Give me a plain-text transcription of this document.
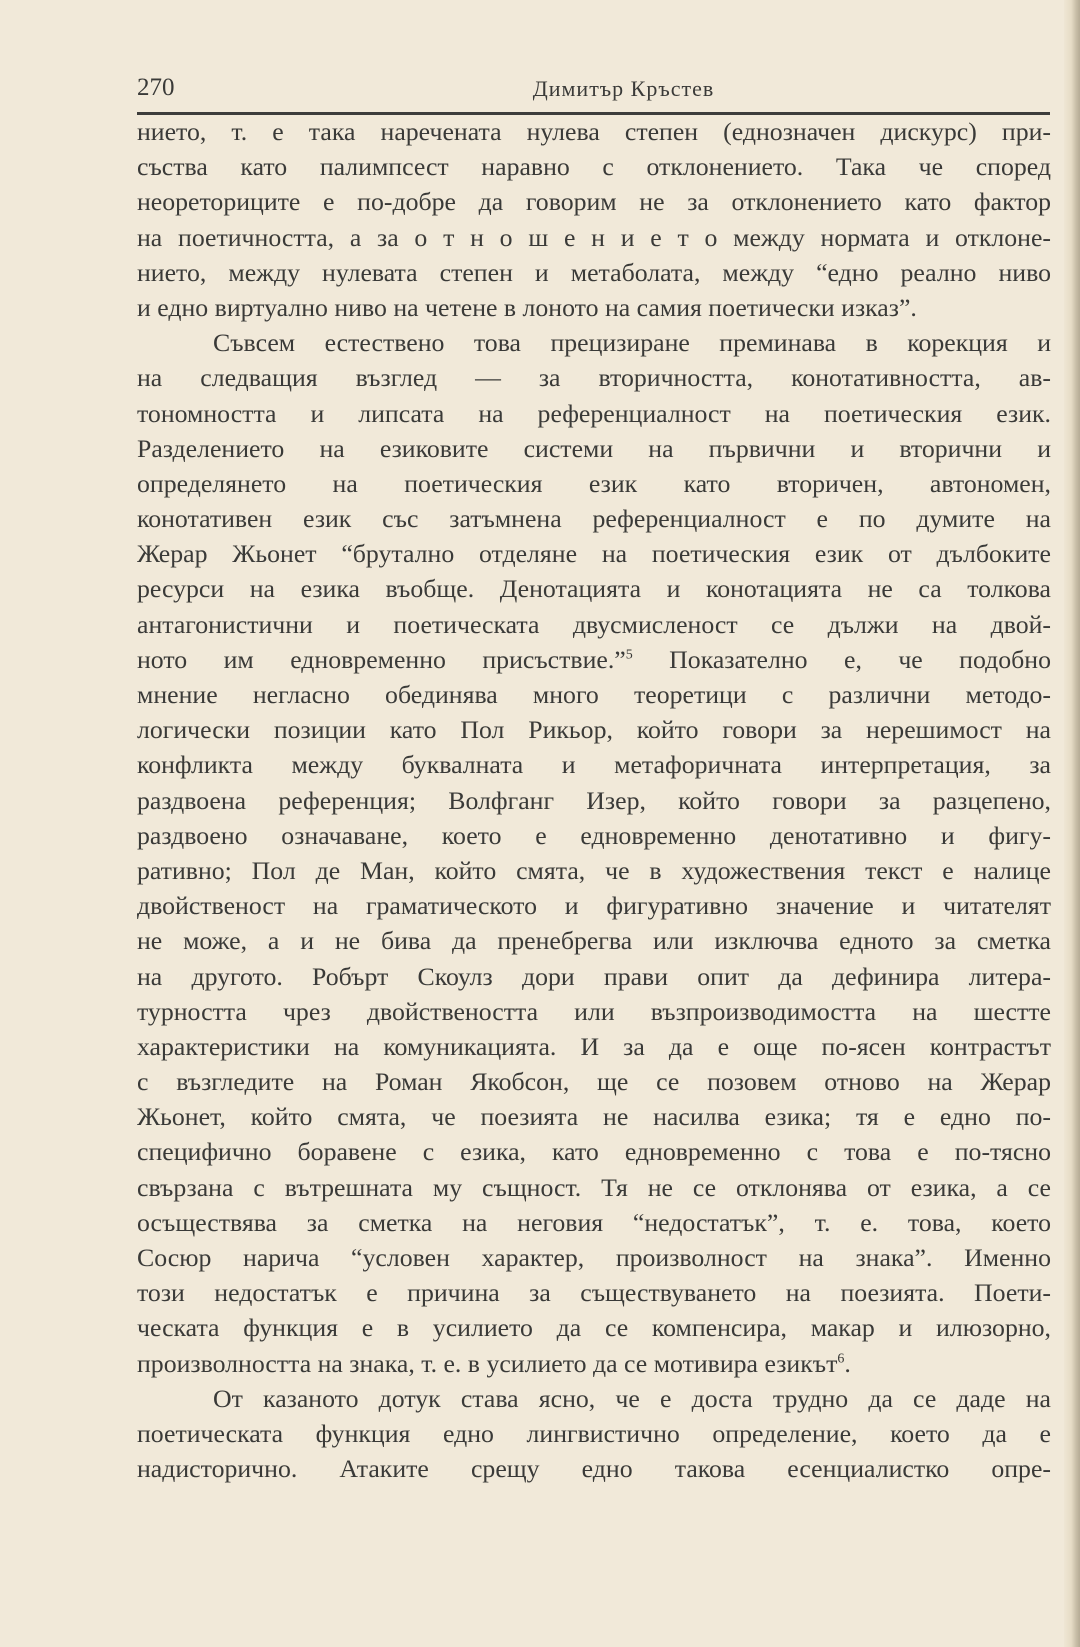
270	Димитър Кръстев
нието, т. е така наречената нулева степен (еднозначен дискурс) при-
съства като палимпсест наравно с отклонението. Така че според
неореториците е по-добре да говорим не за отклонението като фактор
на поетичността, а за о т н о ш е н и е т о между нормата и отклоне-
нието, между нулевата степен и метаболата, между “едно реално ниво
и едно виртуално ниво на четене в лоното на самия поетически изказ”.
Съвсем естествено това прецизиране преминава в корекция и
на следващия възглед — за вторичността, конотативността, ав-
тономността и липсата на референциалност на поетическия език.
Разделението на езиковите системи на първични и вторични и
определянето на поетическия език като вторичен, автономен,
конотативен език със затъмнена референциалност е по думите на
Жерар Жьонет “брутално отделяне на поетическия език от дълбоките
ресурси на езика въобще. Денотацията и конотацията не са толкова
антагонистични и поетическата двусмисленост се дължи на двой-
ното им едновременно присъствие.”$^5$ Показателно е, че подобно
мнение негласно обединява много теоретици с различни методо-
логически позиции като Пол Рикьор, който говори за нерешимост на
конфликта между буквалната и метафоричната интерпретация, за
раздвоена референция; Волфганг Изер, който говори за разцепено,
раздвоено означаване, което е едновременно денотативно и фигу-
ративно; Пол де Ман, който смята, че в художествения текст е налице
двойственост на граматическото и фигуративно значение и читателят
не може, а и не бива да пренебрегва или изключва едното за сметка
на другото. Робърт Скоулз дори прави опит да дефинира литера-
турността чрез двойствеността или възпроизводимостта на шестте
характеристики на комуникацията. И за да е още по-ясен контрастът
с възгледите на Роман Якобсон, ще се позовем отново на Жерар
Жьонет, който смята, че поезията не насилва езика; тя е едно по-
специфично боравене с езика, като едновременно с това е по-тясно
свързана с вътрешната му същност. Тя не се отклонява от езика, а се
осъществява за сметка на неговия “недостатък”, т. е. това, което
Сосюр нарича “условен характер, произволност на знака”. Именно
този недостатък е причина за съществуването на поезията. Поети-
ческата функция е в усилието да се компенсира, макар и илюзорно,
произволността на знака, т. е. в усилието да се мотивира езикът$^6$.
От казаното дотук става ясно, че е доста трудно да се даде на
поетическата функция едно лингвистично определение, което да е
надисторично. Атаките срещу едно такова есенциалистко опре-
